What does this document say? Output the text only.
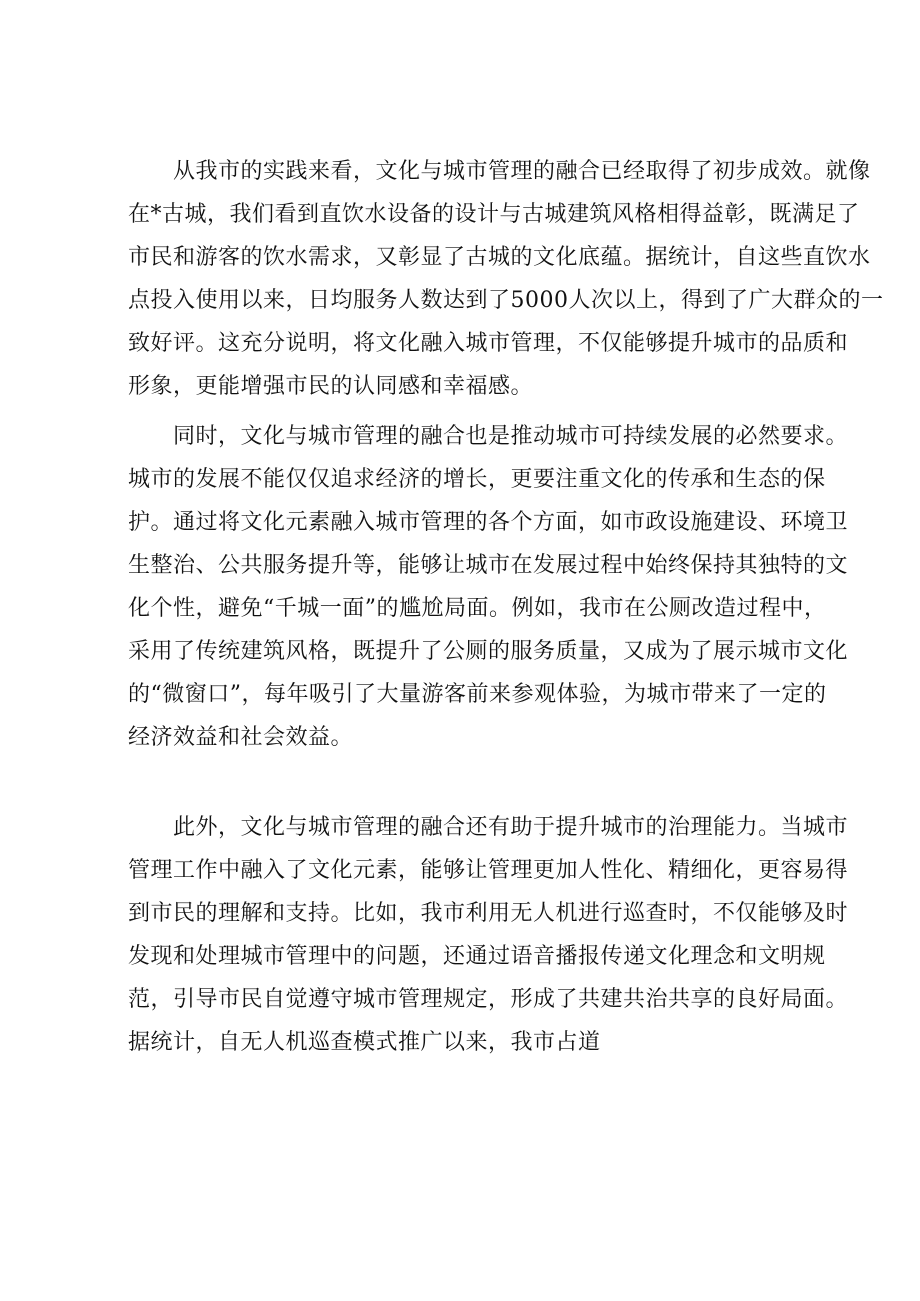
　　从我市的实践来看，文化与城市管理的融合已经取得了初步成效。就像
在*古城，我们看到直饮水设备的设计与古城建筑风格相得益彰，既满足了
市民和游客的饮水需求，又彰显了古城的文化底蕴。据统计，自这些直饮水
点投入使用以来，日均服务人数达到了5000人次以上，得到了广大群众的一
致好评。这充分说明，将文化融入城市管理，不仅能够提升城市的品质和
形象，更能增强市民的认同感和幸福感。
　　同时，文化与城市管理的融合也是推动城市可持续发展的必然要求。
城市的发展不能仅仅追求经济的增长，更要注重文化的传承和生态的保
护。通过将文化元素融入城市管理的各个方面，如市政设施建设、环境卫
生整治、公共服务提升等，能够让城市在发展过程中始终保持其独特的文
化个性，避免“千城一面”的尴尬局面。例如，我市在公厕改造过程中，
采用了传统建筑风格，既提升了公厕的服务质量，又成为了展示城市文化
的“微窗口”，每年吸引了大量游客前来参观体验，为城市带来了一定的
经济效益和社会效益。
　　此外，文化与城市管理的融合还有助于提升城市的治理能力。当城市
管理工作中融入了文化元素，能够让管理更加人性化、精细化，更容易得
到市民的理解和支持。比如，我市利用无人机进行巡查时，不仅能够及时
发现和处理城市管理中的问题，还通过语音播报传递文化理念和文明规
范，引导市民自觉遵守城市管理规定，形成了共建共治共享的良好局面。
据统计，自无人机巡查模式推广以来，我市占道
